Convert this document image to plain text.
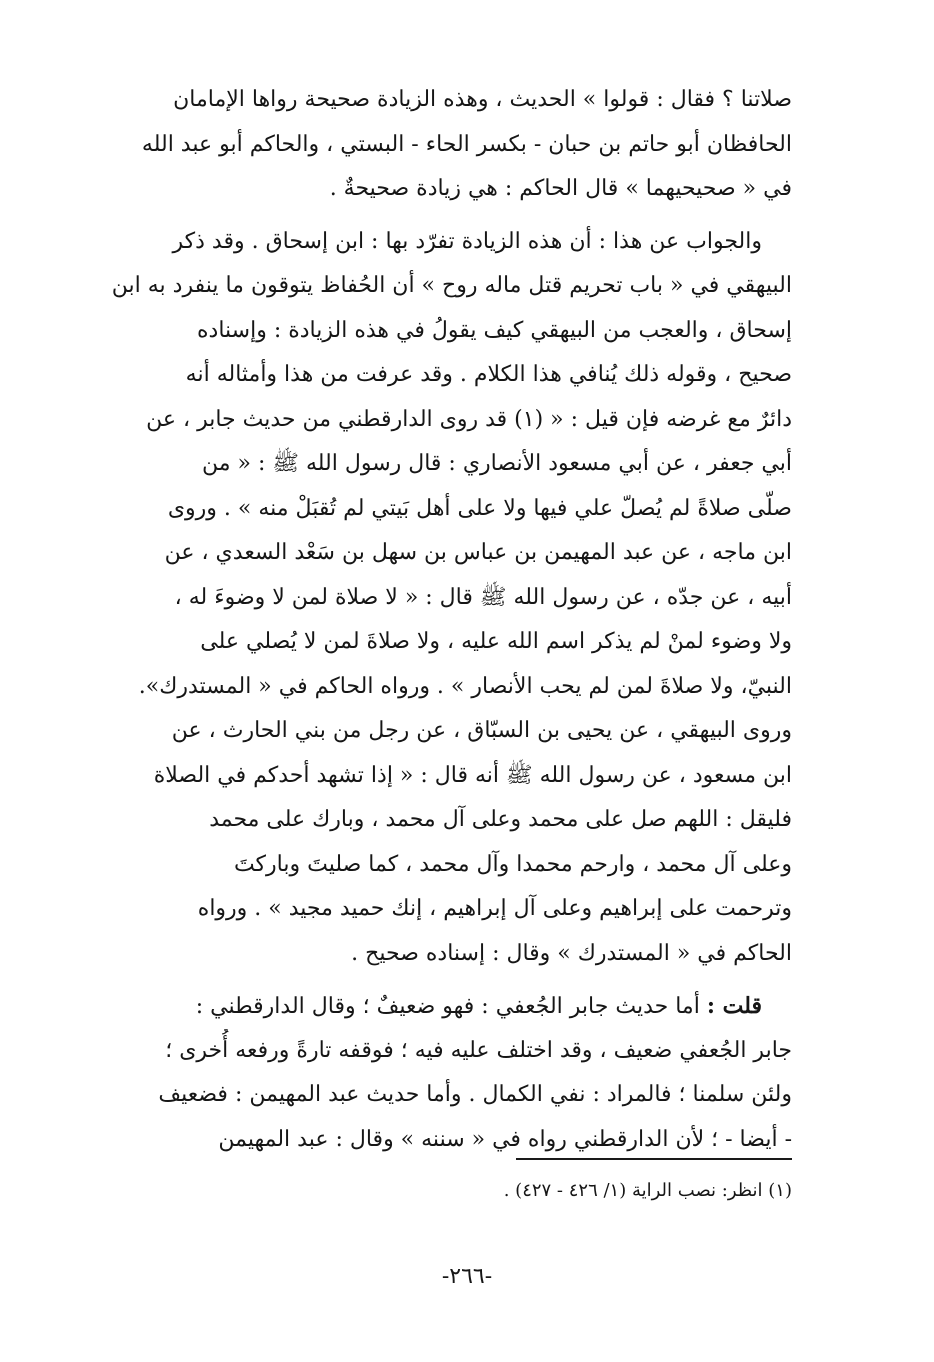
صلاتنا ؟ فقال : قولوا » الحديث ، وهذه الزيادة صحيحة رواها الإمامان
الحافظان أبو حاتم بن حبان - بكسر الحاء - البستي ، والحاكم أبو عبد الله
في « صحيحيهما » قال الحاكم : هي زيادة صحيحةٌ .
والجواب عن هذا : أن هذه الزيادة تفرّد بها : ابن إسحاق . وقد ذكر
البيهقي في « باب تحريم قتل ماله روح » أن الحُفاظ يتوقون ما ينفرد به ابن
إسحاق ، والعجب من البيهقي كيف يقولُ في هذه الزيادة : وإسناده
صحيح ، وقوله ذلك يُنافي هذا الكلام . وقد عرفت من هذا وأمثاله أنه
دائرٌ مع غرضه فإن قيل : « (١) قد روى الدارقطني من حديث جابر ، عن
أبي جعفر ، عن أبي مسعود الأنصاري : قال رسول الله ﷺ : « من
صلّى صلاةً لم يُصلّ علي فيها ولا على أهل بَيتي لم تُقبَلْ منه » . وروى
ابن ماجه ، عن عبد المهيمن بن عباس بن سهل بن سَعْد السعدي ، عن
أبيه ، عن جدّه ، عن رسول الله ﷺ قال : « لا صلاة لمن لا وضوءَ له ،
ولا وضوء لمنْ لم يذكر اسم الله عليه ، ولا صلاةَ لمن لا يُصلي على
النبيّ، ولا صلاةَ لمن لم يحب الأنصار » . ورواه الحاكم في « المستدرك».
وروى البيهقي ، عن يحيى بن السبّاق ، عن رجل من بني الحارث ، عن
ابن مسعود ، عن رسول الله ﷺ أنه قال : « إذا تشهد أحدكم في الصلاة
فليقل : اللهم صل على محمد وعلى آل محمد ، وبارك على محمد
وعلى آل محمد ، وارحم محمدا وآل محمد ، كما صليتَ وباركتَ
وترحمت على إبراهيم وعلى آل إبراهيم ، إنك حميد مجيد » . ورواه
الحاكم في « المستدرك » وقال : إسناده صحيح .
قلت : أما حديث جابر الجُعفي : فهو ضعيفٌ ؛ وقال الدارقطني :
جابر الجُعفي ضعيف ، وقد اختلف عليه فيه ؛ فوقفه تارةً ورفعه أُخرى ؛
ولئن سلمنا ؛ فالمراد : نفي الكمال . وأما حديث عبد المهيمن : فضعيف
- أيضا - ؛ لأن الدارقطني رواه في « سننه » وقال : عبد المهيمن
(١) انظر: نصب الراية (١/ ٤٢٦ - ٤٢٧) .
-٢٦٦-
